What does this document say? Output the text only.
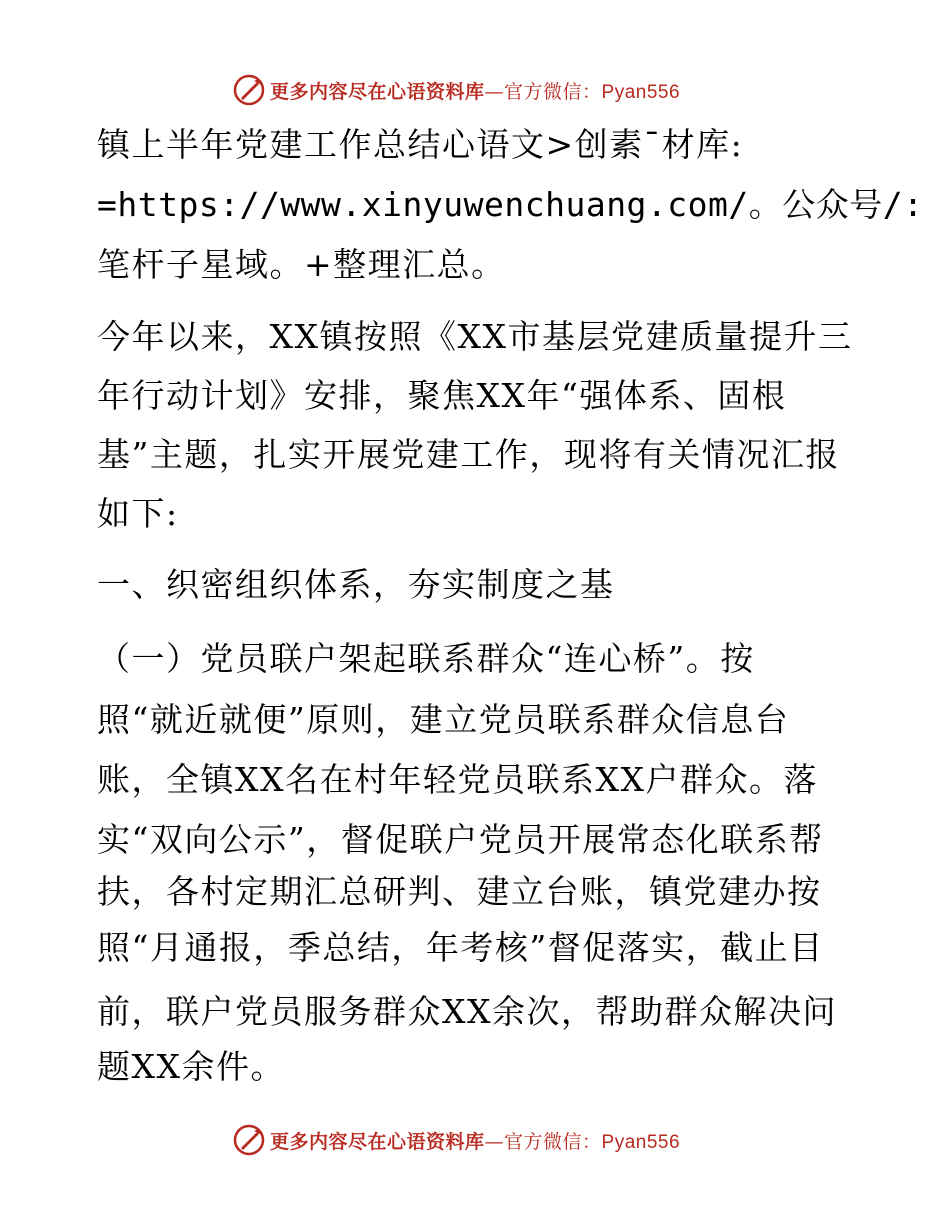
更多内容尽在心语资料库—官方微信：Pyan556
镇上半年党建工作总结心语文>创素¯材库:
=https://www.xinyuwenchuang.com/。公众号/:
笔杆子星域。+整理汇总。
今年以来，XX镇按照《XX市基层党建质量提升三
年行动计划》安排，聚焦XX年“强体系、固根
基”主题，扎实开展党建工作，现将有关情况汇报
如下:
一、织密组织体系，夯实制度之基
（一）党员联户架起联系群众“连心桥”。按
照“就近就便”原则，建立党员联系群众信息台
账，全镇XX名在村年轻党员联系XX户群众。落
实“双向公示”，督促联户党员开展常态化联系帮
扶，各村定期汇总研判、建立台账，镇党建办按
照“月通报，季总结，年考核”督促落实，截止目
前，联户党员服务群众XX余次，帮助群众解决问
题XX余件。
更多内容尽在心语资料库—官方微信：Pyan556
